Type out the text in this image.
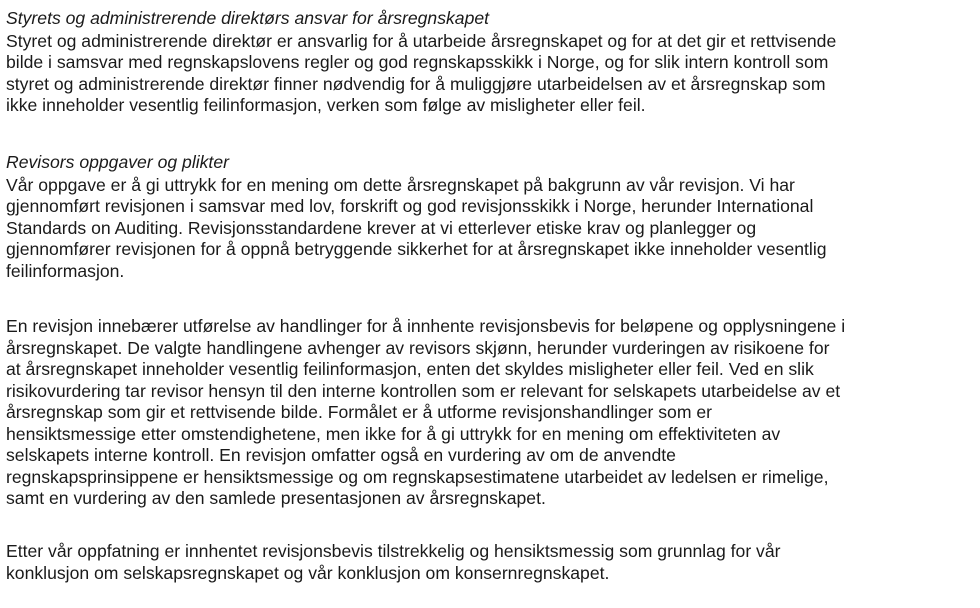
Styrets og administrerende direktørs ansvar for årsregnskapet
Styret og administrerende direktør er ansvarlig for å utarbeide årsregnskapet og for at det gir et rettvisende
bilde i samsvar med regnskapslovens regler og god regnskapsskikk i Norge, og for slik intern kontroll som
styret og administrerende direktør finner nødvendig for å muliggjøre utarbeidelsen av et årsregnskap som
ikke inneholder vesentlig feilinformasjon, verken som følge av misligheter eller feil.
Revisors oppgaver og plikter
Vår oppgave er å gi uttrykk for en mening om dette årsregnskapet på bakgrunn av vår revisjon. Vi har
gjennomført revisjonen i samsvar med lov, forskrift og god revisjonsskikk i Norge, herunder International
Standards on Auditing. Revisjonsstandardene krever at vi etterlever etiske krav og planlegger og
gjennomfører revisjonen for å oppnå betryggende sikkerhet for at årsregnskapet ikke inneholder vesentlig
feilinformasjon.
En revisjon innebærer utførelse av handlinger for å innhente revisjonsbevis for beløpene og opplysningene i
årsregnskapet. De valgte handlingene avhenger av revisors skjønn, herunder vurderingen av risikoene for
at årsregnskapet inneholder vesentlig feilinformasjon, enten det skyldes misligheter eller feil. Ved en slik
risikovurdering tar revisor hensyn til den interne kontrollen som er relevant for selskapets utarbeidelse av et
årsregnskap som gir et rettvisende bilde. Formålet er å utforme revisjonshandlinger som er
hensiktsmessige etter omstendighetene, men ikke for å gi uttrykk for en mening om effektiviteten av
selskapets interne kontroll. En revisjon omfatter også en vurdering av om de anvendte
regnskapsprinsippene er hensiktsmessige og om regnskapsestimatene utarbeidet av ledelsen er rimelige,
samt en vurdering av den samlede presentasjonen av årsregnskapet.
Etter vår oppfatning er innhentet revisjonsbevis tilstrekkelig og hensiktsmessig som grunnlag for vår
konklusjon om selskapsregnskapet og vår konklusjon om konsernregnskapet.
